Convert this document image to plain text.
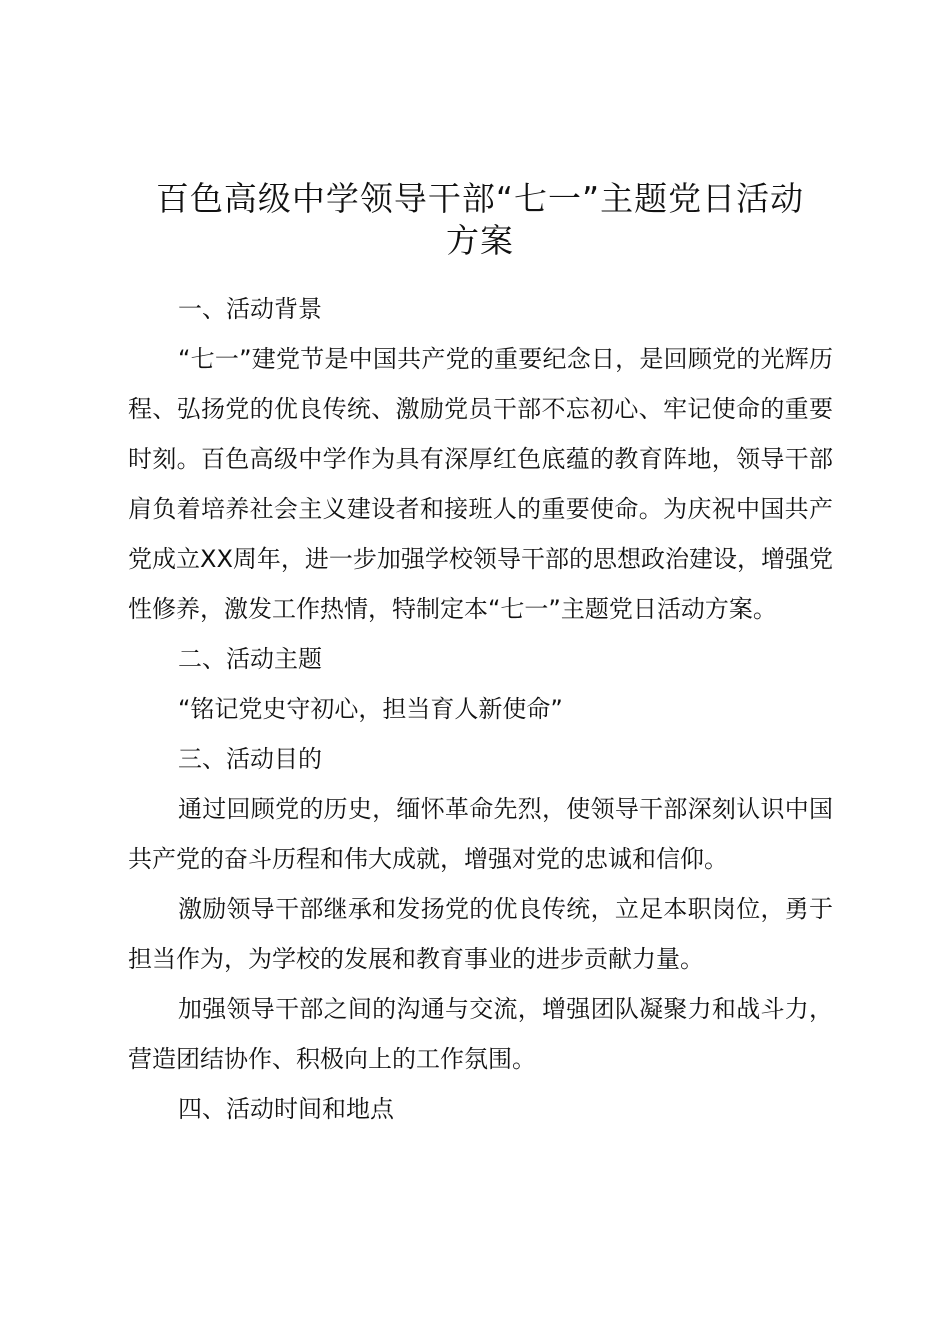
百色高级中学领导干部“七一”主题党日活动
方案

一、活动背景

“七一”建党节是中国共产党的重要纪念日，是回顾党的光辉历程、弘扬党的优良传统、激励党员干部不忘初心、牢记使命的重要时刻。百色高级中学作为具有深厚红色底蕴的教育阵地，领导干部肩负着培养社会主义建设者和接班人的重要使命。为庆祝中国共产党成立XX周年，进一步加强学校领导干部的思想政治建设，增强党性修养，激发工作热情，特制定本“七一”主题党日活动方案。

二、活动主题

“铭记党史守初心，担当育人新使命”

三、活动目的

通过回顾党的历史，缅怀革命先烈，使领导干部深刻认识中国共产党的奋斗历程和伟大成就，增强对党的忠诚和信仰。

激励领导干部继承和发扬党的优良传统，立足本职岗位，勇于担当作为，为学校的发展和教育事业的进步贡献力量。

加强领导干部之间的沟通与交流，增强团队凝聚力和战斗力，营造团结协作、积极向上的工作氛围。

四、活动时间和地点
